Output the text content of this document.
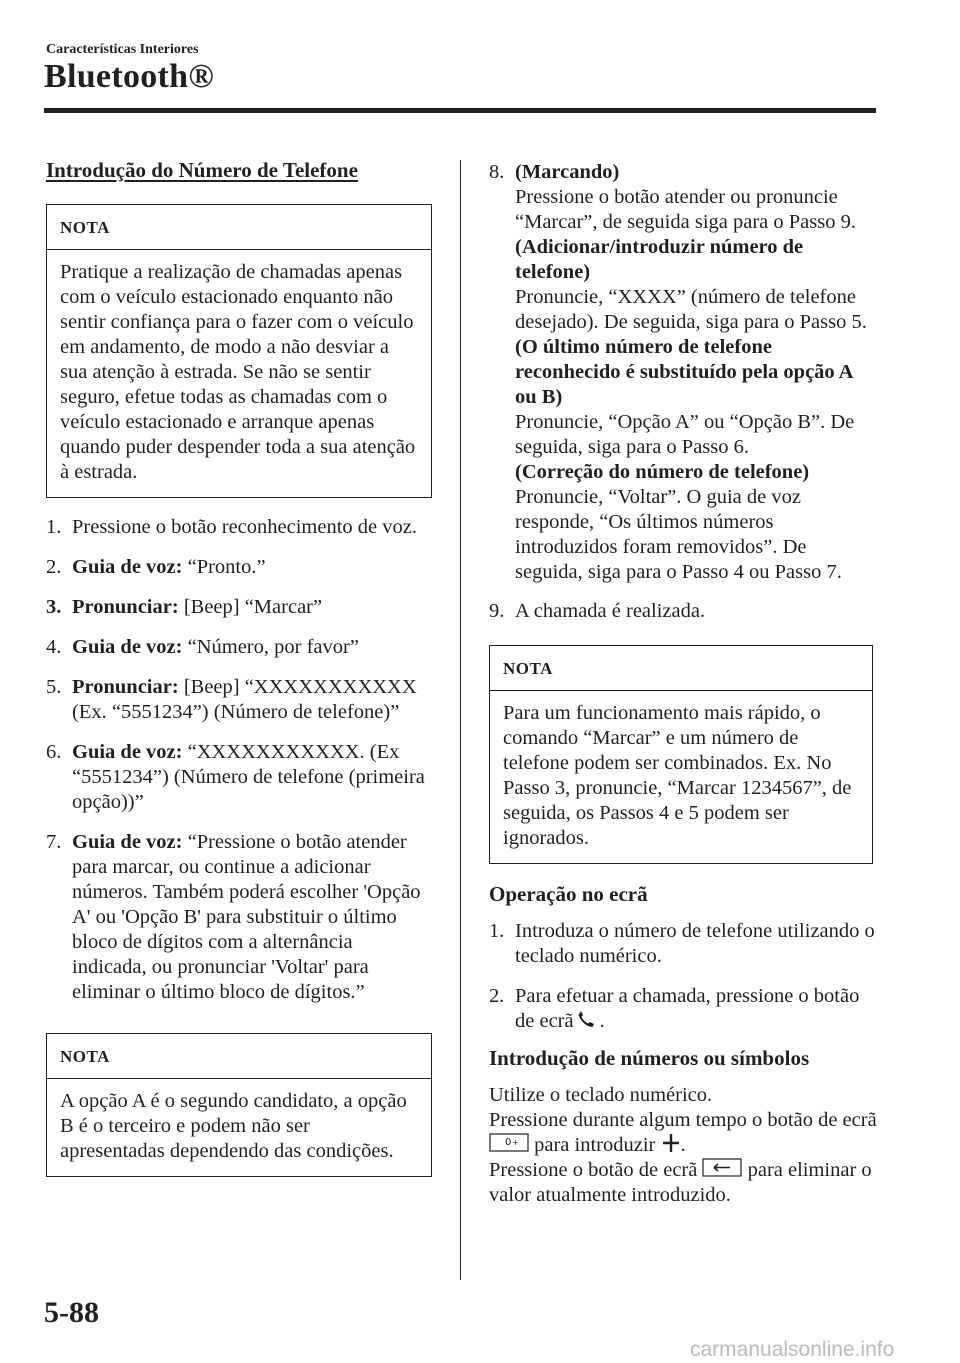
Características Interiores
Bluetooth®
Introdução do Número de Telefone
NOTA
Pratique a realização de chamadas apenas com o veículo estacionado enquanto não sentir confiança para o fazer com o veículo em andamento, de modo a não desviar a sua atenção à estrada. Se não se sentir seguro, efetue todas as chamadas com o veículo estacionado e arranque apenas quando puder despender toda a sua atenção à estrada.
1. Pressione o botão reconhecimento de voz.
2. Guia de voz: “Pronto.”
3. Pronunciar: [Beep] “Marcar”
4. Guia de voz: “Número, por favor”
5. Pronunciar: [Beep] “XXXXXXXXXXX (Ex. “5551234”) (Número de telefone)”
6. Guia de voz: “XXXXXXXXXXX. (Ex “5551234”) (Número de telefone (primeira opção))”
7. Guia de voz: “Pressione o botão atender para marcar, ou continue a adicionar números. Também poderá escolher 'Opção A' ou 'Opção B' para substituir o último bloco de dígitos com a alternância indicada, ou pronunciar 'Voltar' para eliminar o último bloco de dígitos.”
NOTA
A opção A é o segundo candidato, a opção B é o terceiro e podem não ser apresentadas dependendo das condições.
8. (Marcando)
Pressione o botão atender ou pronuncie “Marcar”, de seguida siga para o Passo 9.
(Adicionar/introduzir número de telefone)
Pronuncie, “XXXX” (número de telefone desejado). De seguida, siga para o Passo 5.
(O último número de telefone reconhecido é substituído pela opção A ou B)
Pronuncie, “Opção A” ou “Opção B”. De seguida, siga para o Passo 6.
(Correção do número de telefone)
Pronuncie, “Voltar”. O guia de voz responde, “Os últimos números introduzidos foram removidos”. De seguida, siga para o Passo 4 ou Passo 7.
9. A chamada é realizada.
NOTA
Para um funcionamento mais rápido, o comando “Marcar” e um número de telefone podem ser combinados. Ex. No Passo 3, pronuncie, “Marcar 1234567”, de seguida, os Passos 4 e 5 podem ser ignorados.
Operação no ecrã
1. Introduza o número de telefone utilizando o teclado numérico.
2. Para efetuar a chamada, pressione o botão de ecrã .
Introdução de números ou símbolos
Utilize o teclado numérico.
Pressione durante algum tempo o botão de ecrã
0 + para introduzir .
Pressione o botão de ecrã para eliminar o valor atualmente introduzido.
5-88
carmanualsonline.info
